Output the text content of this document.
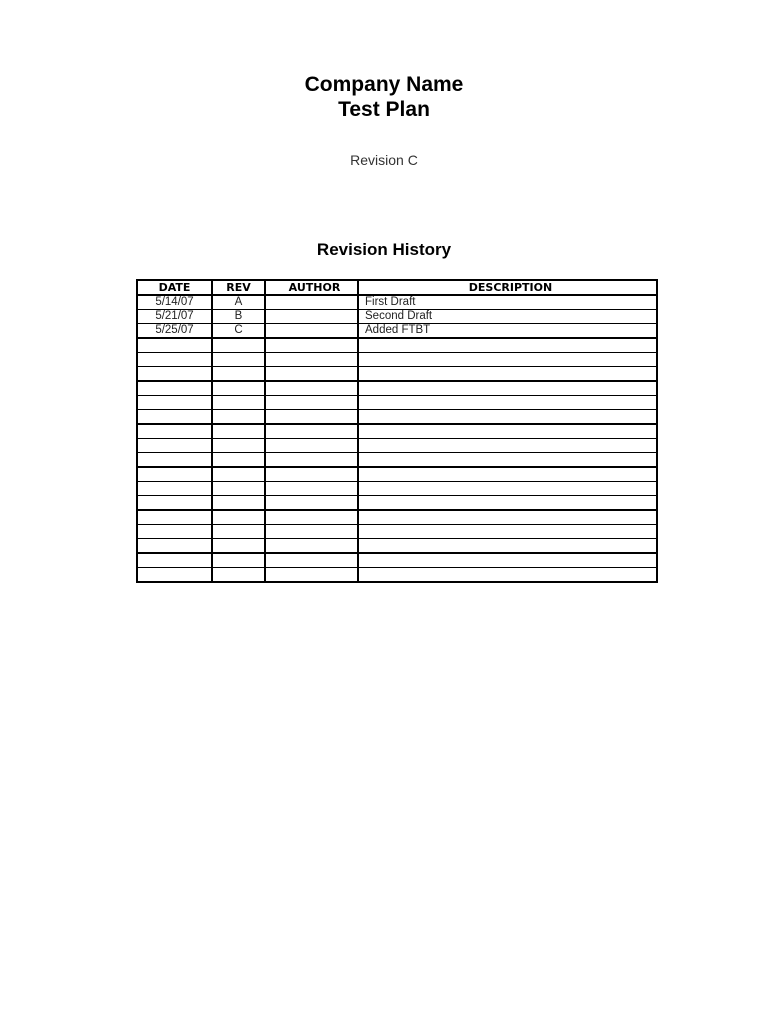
Company Name

Test Plan

Revision C
Revision History
DATE	REV	AUTHOR	DESCRIPTION
5/14/07	A		First Draft
5/21/07	B		Second Draft
5/25/07	C		Added FTBT
